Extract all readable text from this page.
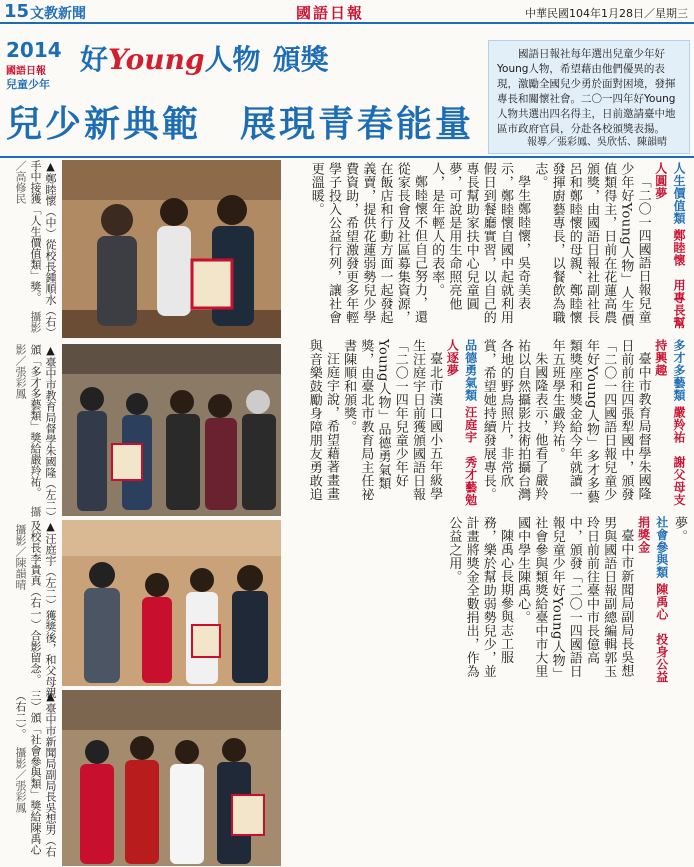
15 文教新聞	國語日報	中華民國104年1月28日／星期三
2014
國語日報
兒童少年
好Young人物 頒獎
兒少新典範　展現青春能量

國語日報社每年選出兒童少年好Young人物，希望藉由他們優異的表現，激勵全國兒少勇於面對困境，發揮專長和關懷社會。二〇一四年好Young人物共選出四名得主，日前邀請臺中地區市政府官員，分赴各校頒獎表揚。

報導／張彩鳳、吳欣恬、陳韻晴
▲鄭睦懷（中）從校長鍾順水（右）手中接獲「人生價值類」獎。 攝影／高修民
▲臺中市教育局督學朱國隆（左二）頒「多才多藝類」獎給嚴羚祐。 攝影／張彩鳳
▲汪庭宇（左二）獲獎後，和父母親及校長李貴真（右一）合影留念。 攝影／陳韻晴
▲臺中市新聞局副局長吳想男（右三）頒「社會參與類」獎給陳禹心（右二）。 攝影／張彩鳳
人生價值類 鄭睦懷　用專長幫人圓夢

「二〇一四國語日報兒童少年好Young人物」人生價值類得主，日前在花蓮高農頒獎，由國語日報社副社長呂和鄭睦懷的母親、鄭睦懷發揮廚藝專長，以餐飲為職志。

學生鄭睦懷，吳奇美表示，鄭睦懷自國中起就利用假日到餐廳實習，以自己的專長幫助家扶中心兒童圓夢，可說是用生命照亮他人，是年輕人的表率。

鄭睦懷不但自己努力，還從家長會及社區募集資源，在飯店和行動方面一起發起義賣，提供花蓮弱勢兒少學費資助，希望激發更多年輕學子投入公益行列，讓社會更溫暖。

多才多藝類 嚴羚祐　謝父母支持興趣

臺中市教育局督學朱國隆日前前往四張犁國中，頒發「二〇一四國語日報兒童少年好Young人物」多才多藝類獎座和獎金給今年就讀一年五班學生嚴羚祐。

朱國隆表示，他看了嚴羚祐以自然攝影技術拍攝台灣各地的野鳥照片，非常欣賞，希望她持續發展專長。

品德勇氣類 汪庭宇　秀才藝勉人逐夢

臺北市漢口國小五年級學生汪庭宇日前獲頒國語日報「二〇一四年兒童少年好Young人物」品德勇氣類獎，由臺北市教育局主任祕書陳順和頒獎。

汪庭宇說，希望藉著畫畫與音樂鼓勵身障朋友勇敢追夢。

社會參與類 陳禹心　投身公益捐獎金

臺中市新聞局副局長吳想男與國語日報副總編輯郭玉玲日前前往臺中市長億高中，頒發「二〇一四國語日報兒童少年好Young人物」社會參與類獎給臺中市大里國中學生陳禹心。

陳禹心長期參與志工服務，樂於幫助弱勢兒少，並計畫將獎金全數捐出，作為公益之用。
